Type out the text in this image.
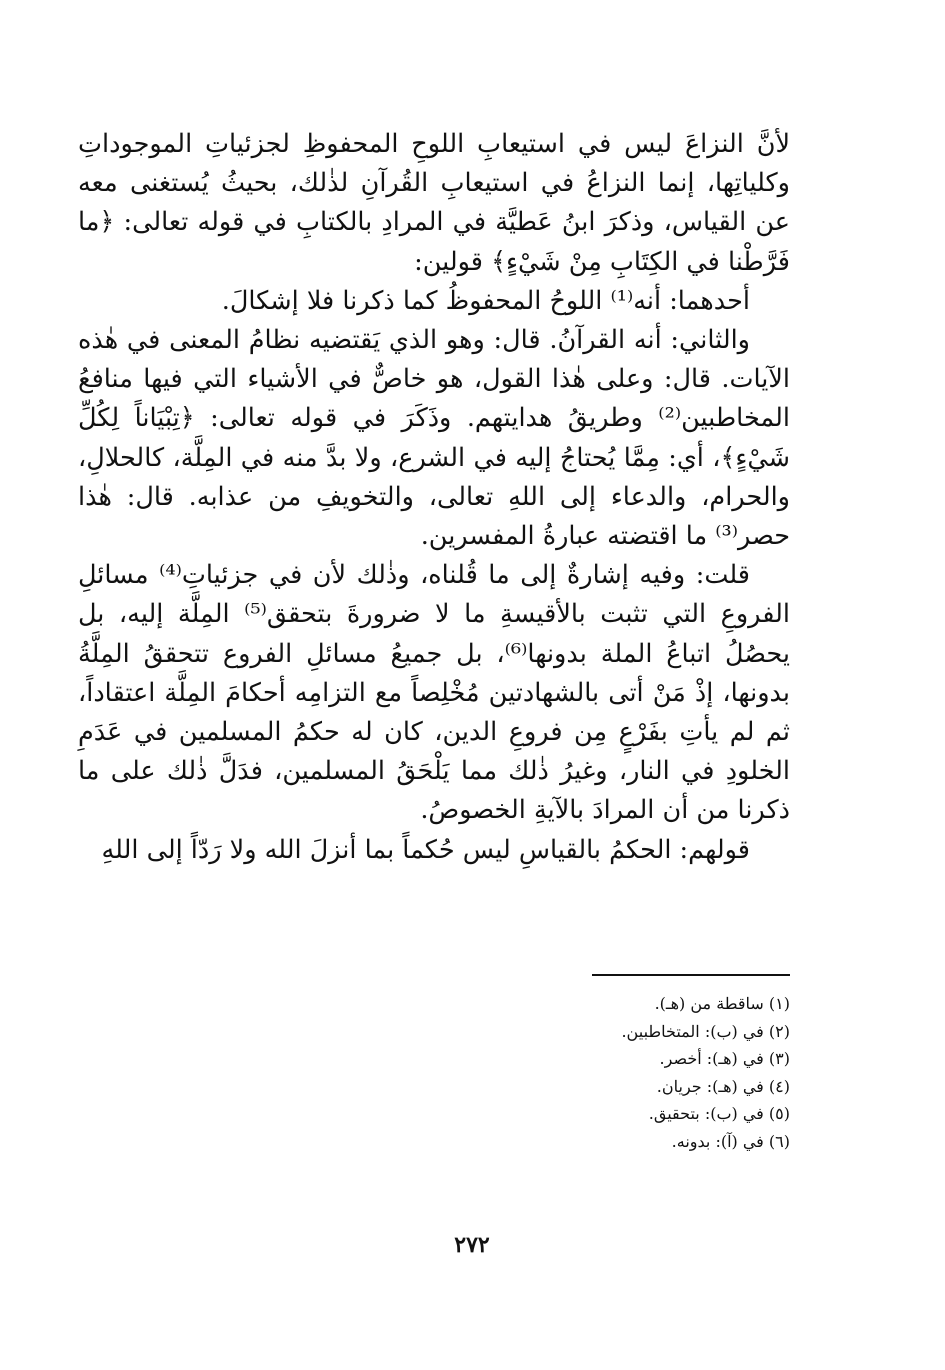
لأنَّ النزاعَ ليس في استيعابِ اللوحِ المحفوظِ لجزئياتِ الموجوداتِ وكلياتِها، إنما النزاعُ في استيعابِ القُرآنِ لذٰلك، بحيثُ يُستغنى معه عن القياس، وذكرَ ابنُ عَطيَّة في المرادِ بالكتابِ في قوله تعالى: ﴿ما فَرَّطْنا في الكِتَابِ مِنْ شَيْءٍ﴾ قولين:

أحدهما: أنه⁽¹⁾ اللوحُ المحفوظُ كما ذكرنا فلا إشكالَ.

والثاني: أنه القرآنُ. قال: وهو الذي يَقتضيه نظامُ المعنى في هٰذه الآيات. قال: وعلى هٰذا القول، هو خاصٌّ في الأشياء التي فيها منافعُ المخاطبين⁽²⁾ وطريقُ هدايتهم. وذَكَرَ في قوله تعالى: ﴿تِبْيَاناً لِكُلِّ شَيْءٍ﴾، أي: مِمَّا يُحتاجُ إليه في الشرع، ولا بدَّ منه في المِلَّة، كالحلالِ، والحرام، والدعاء إلى اللهِ تعالى، والتخويفِ من عذابه. قال: هٰذا حصر⁽³⁾ ما اقتضته عبارةُ المفسرين.

قلت: وفيه إشارةٌ إلى ما قُلناه، وذٰلك لأن في جزئياتِ⁽⁴⁾ مسائلِ الفروعِ التي تثبت بالأقيسةِ ما لا ضرورةَ بتحقق⁽⁵⁾ المِلَّة إليه، بل يحصُلُ اتباعُ الملة بدونها⁽⁶⁾، بل جميعُ مسائلِ الفروع تتحققُ المِلَّةُ بدونها، إذْ مَنْ أتى بالشهادتين مُخْلِصاً مع التزامِه أحكامَ المِلَّة اعتقاداً، ثم لم يأتِ بفَرْعٍ مِن فروعِ الدين، كان له حكمُ المسلمين في عَدَمِ الخلودِ في النار، وغيرُ ذٰلك مما يَلْحَقُ المسلمين، فدَلَّ ذٰلك على ما ذكرنا من أن المرادَ بالآيةِ الخصوصُ.

قولهم: الحكمُ بالقياسِ ليس حُكماً بما أنزلَ الله ولا رَدّاً إلى اللهِ

(١) ساقطة من (هـ).
(٢) في (ب): المتخاطبين.
(٣) في (هـ): أخصر.
(٤) في (هـ): جريان.
(٥) في (ب): بتحقيق.
(٦) في (آ): بدونه.
٢٧٢
